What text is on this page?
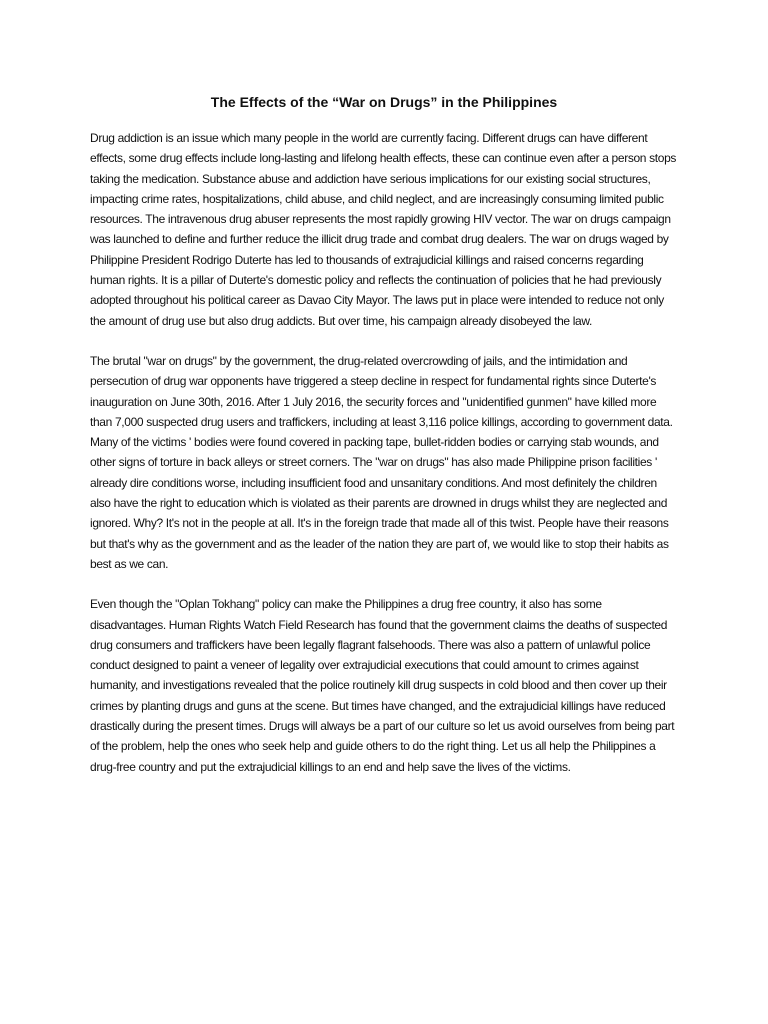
The Effects of the “War on Drugs” in the Philippines

Drug addiction is an issue which many people in the world are currently facing. Different drugs can have different effects, some drug effects include long-lasting and lifelong health effects, these can continue even after a person stops taking the medication. Substance abuse and addiction have serious implications for our existing social structures, impacting crime rates, hospitalizations, child abuse, and child neglect, and are increasingly consuming limited public resources. The intravenous drug abuser represents the most rapidly growing HIV vector. The war on drugs campaign was launched to define and further reduce the illicit drug trade and combat drug dealers. The war on drugs waged by Philippine President Rodrigo Duterte has led to thousands of extrajudicial killings and raised concerns regarding human rights. It is a pillar of Duterte's domestic policy and reflects the continuation of policies that he had previously adopted throughout his political career as Davao City Mayor. The laws put in place were intended to reduce not only the amount of drug use but also drug addicts. But over time, his campaign already disobeyed the law.

The brutal "war on drugs" by the government, the drug-related overcrowding of jails, and the intimidation and persecution of drug war opponents have triggered a steep decline in respect for fundamental rights since Duterte's inauguration on June 30th, 2016. After 1 July 2016, the security forces and "unidentified gunmen" have killed more than 7,000 suspected drug users and traffickers, including at least 3,116 police killings, according to government data. Many of the victims ' bodies were found covered in packing tape, bullet-ridden bodies or carrying stab wounds, and other signs of torture in back alleys or street corners. The "war on drugs" has also made Philippine prison facilities ' already dire conditions worse, including insufficient food and unsanitary conditions. And most definitely the children also have the right to education which is violated as their parents are drowned in drugs whilst they are neglected and ignored. Why? It's not in the people at all. It's in the foreign trade that made all of this twist. People have their reasons but that's why as the government and as the leader of the nation they are part of, we would like to stop their habits as best as we can.

Even though the "Oplan Tokhang" policy can make the Philippines a drug free country, it also has some disadvantages. Human Rights Watch Field Research has found that the government claims the deaths of suspected drug consumers and traffickers have been legally flagrant falsehoods. There was also a pattern of unlawful police conduct designed to paint a veneer of legality over extrajudicial executions that could amount to crimes against humanity, and investigations revealed that the police routinely kill drug suspects in cold blood and then cover up their crimes by planting drugs and guns at the scene. But times have changed, and the extrajudicial killings have reduced drastically during the present times. Drugs will always be a part of our culture so let us avoid ourselves from being part of the problem, help the ones who seek help and guide others to do the right thing. Let us all help the Philippines a drug-free country and put the extrajudicial killings to an end and help save the lives of the victims.
